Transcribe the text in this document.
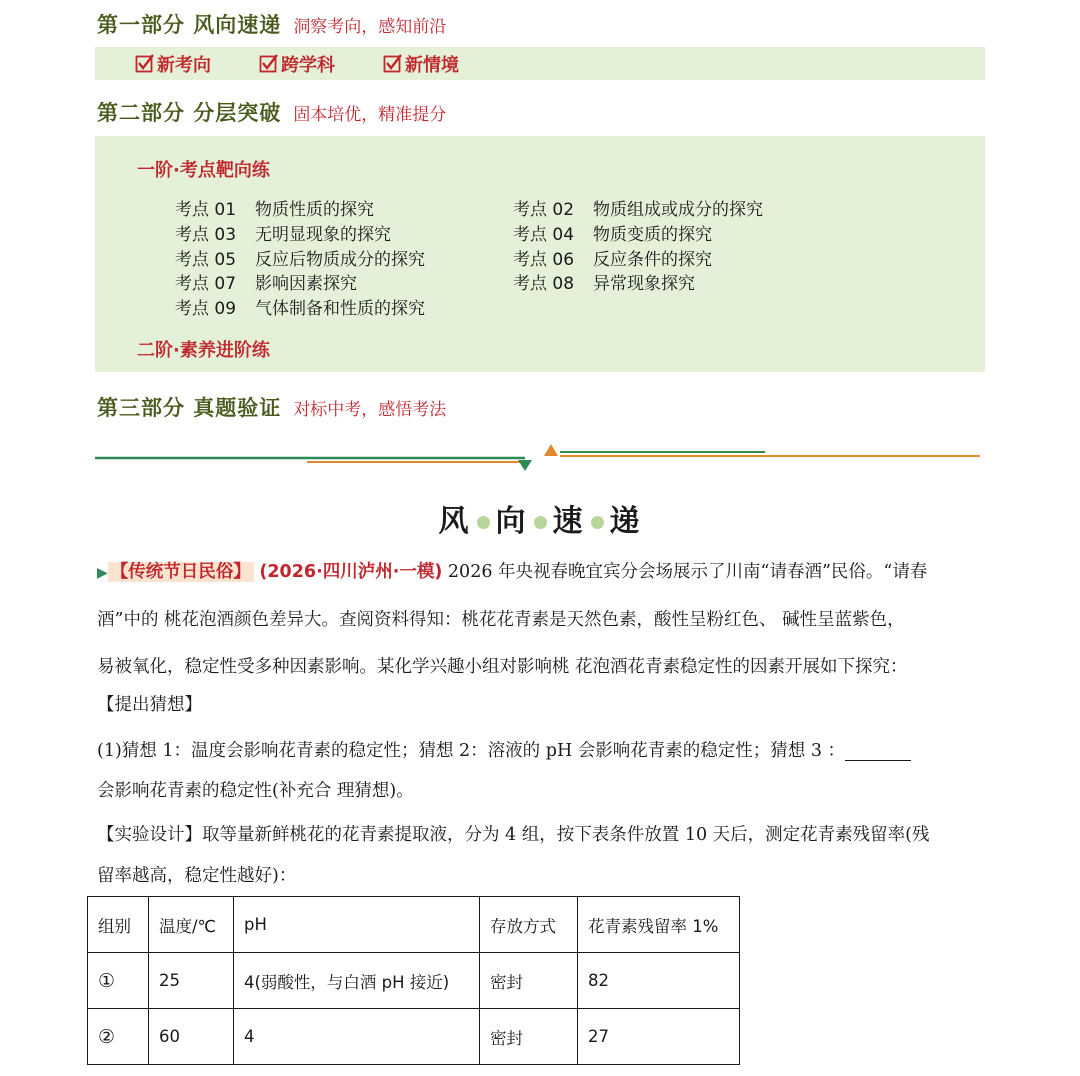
第一部分 风向速递 洞察考向，感知前沿
新考向	跨学科	新情境
第二部分 分层突破 固本培优，精准提分
一阶·考点靶向练
考点 01 物质性质的探究	考点 02 物质组成或成分的探究
考点 03 无明显现象的探究	考点 04 物质变质的探究
考点 05 反应后物质成分的探究	考点 06 反应条件的探究
考点 07 影响因素探究	考点 08 异常现象探究
考点 09 气体制备和性质的探究
二阶·素养进阶练
第三部分 真题验证 对标中考，感悟考法
风 向 速 递
▶ 【传统节日民俗】 (2026·四川泸州·一模) 2026 年央视春晚宜宾分会场展示了川南“请春酒”民俗。“请春
酒”中的 桃花泡酒颜色差异大。查阅资料得知：桃花花青素是天然色素，酸性呈粉红色、 碱性呈蓝紫色，
易被氧化，稳定性受多种因素影响。某化学兴趣小组对影响桃 花泡酒花青素稳定性的因素开展如下探究：
【提出猜想】
(1)猜想 1：温度会影响花青素的稳定性；猜想 2：溶液的 pH 会影响花青素的稳定性；猜想 3 ：
会影响花青素的稳定性(补充合 理猜想)。
【实验设计】取等量新鲜桃花的花青素提取液，分为 4 组，按下表条件放置 10 天后，测定花青素残留率(残
留率越高，稳定性越好)：
组别	温度/℃	pH	存放方式	花青素残留率 1%
①	25	4(弱酸性，与白酒 pH 接近)	密封	82
②	60	4	密封	27
